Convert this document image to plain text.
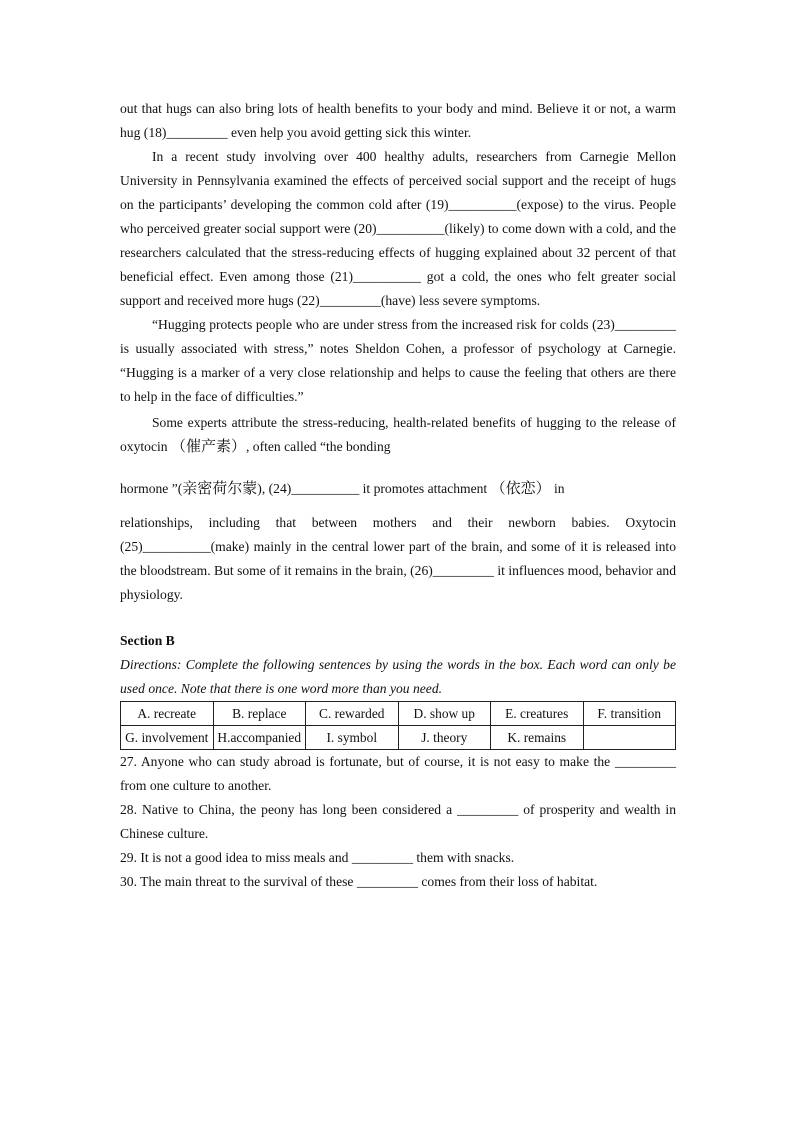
out that hugs can also bring lots of health benefits to your body and mind. Believe it or not, a warm hug (18)_________ even help you avoid getting sick this winter.

In a recent study involving over 400 healthy adults, researchers from Carnegie Mellon University in Pennsylvania examined the effects of perceived social support and the receipt of hugs on the participants’ developing the common cold after (19)__________(expose) to the virus. People who perceived greater social support were (20)__________(likely) to come down with a cold, and the researchers calculated that the stress-reducing effects of hugging explained about 32 percent of that beneficial effect. Even among those (21)__________ got a cold, the ones who felt greater social support and received more hugs (22)_________(have) less severe symptoms.

“Hugging protects people who are under stress from the increased risk for colds (23)_________ is usually associated with stress,” notes Sheldon Cohen, a professor of psychology at Carnegie. “Hugging is a marker of a very close relationship and helps to cause the feeling that others are there to help in the face of difficulties.”

Some experts attribute the stress-reducing, health-related benefits of hugging to the release of oxytocin （催产素）, often called “the bonding

hormone ”(亲密荷尔蒙), (24)__________ it promotes attachment （依恋） in

relationships, including that between mothers and their newborn babies. Oxytocin (25)__________(make) mainly in the central lower part of the brain, and some of it is released into the bloodstream. But some of it remains in the brain, (26)_________ it influences mood, behavior and physiology.

Section B

Directions: Complete the following sentences by using the words in the box. Each word can only be used once. Note that there is one word more than you need.

A. recreate	B. replace	C. rewarded	D. show up	E. creatures	F. transition
G. involvement	H.accompanied	I. symbol	J. theory	K. remains	

27. Anyone who can study abroad is fortunate, but of course, it is not easy to make the _________ from one culture to another.

28. Native to China, the peony has long been considered a _________ of prosperity and wealth in Chinese culture.

29. It is not a good idea to miss meals and _________ them with snacks.

30. The main threat to the survival of these _________ comes from their loss of habitat.
